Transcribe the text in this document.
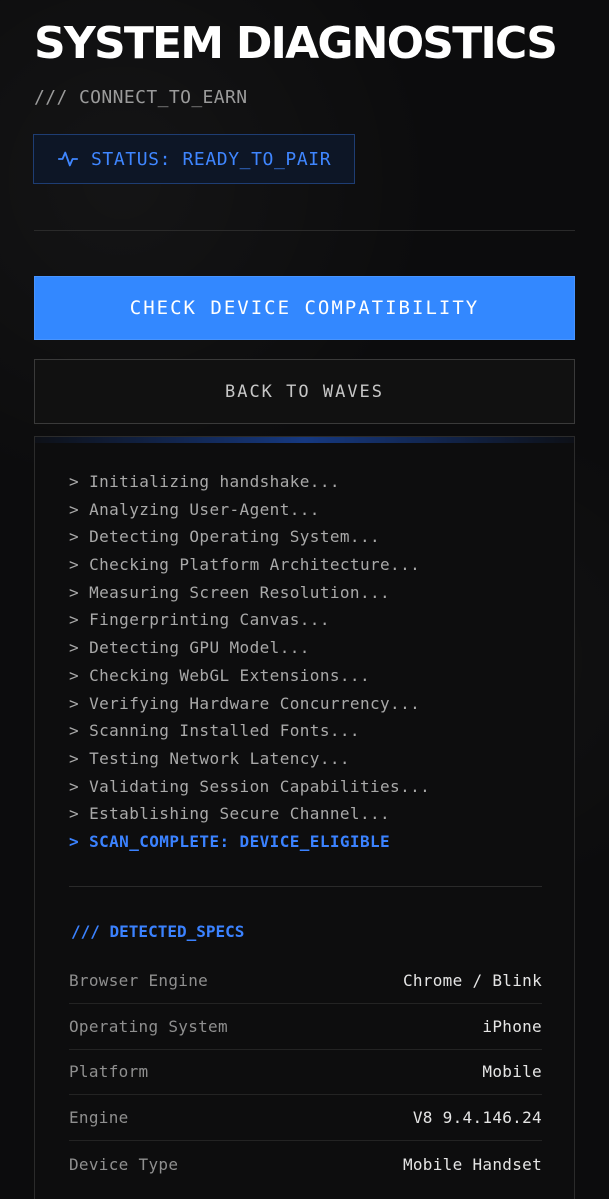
SYSTEM DIAGNOSTICS
/// CONNECT_TO_EARN
STATUS: READY_TO_PAIR
CHECK DEVICE COMPATIBILITY
BACK TO WAVES
> Initializing handshake...
> Analyzing User-Agent...
> Detecting Operating System...
> Checking Platform Architecture...
> Measuring Screen Resolution...
> Fingerprinting Canvas...
> Detecting GPU Model...
> Checking WebGL Extensions...
> Verifying Hardware Concurrency...
> Scanning Installed Fonts...
> Testing Network Latency...
> Validating Session Capabilities...
> Establishing Secure Channel...
> SCAN_COMPLETE: DEVICE_ELIGIBLE
/// DETECTED_SPECS
Browser Engine	Chrome / Blink
Operating System	iPhone
Platform	Mobile
Engine	V8 9.4.146.24
Device Type	Mobile Handset
